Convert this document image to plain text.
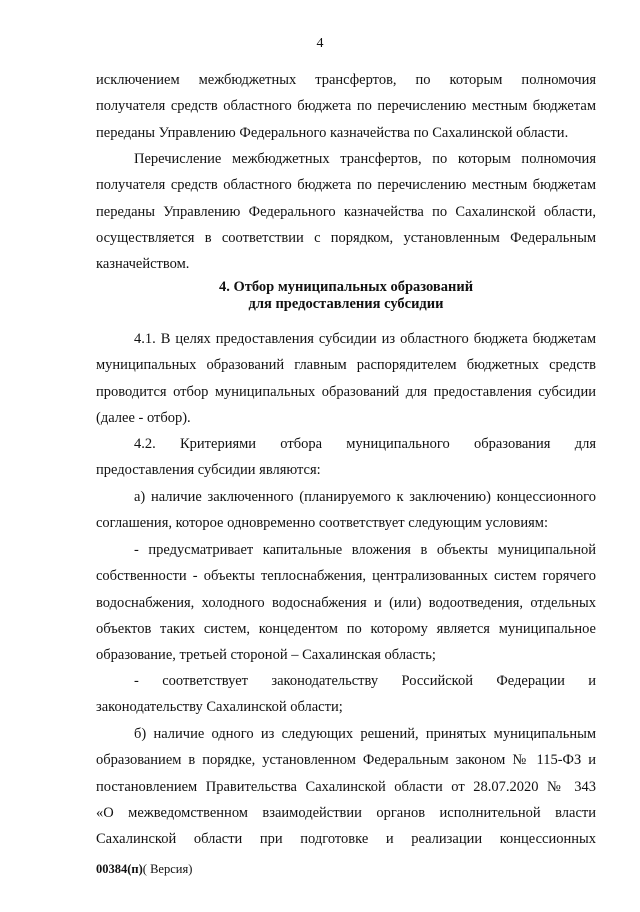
4
исключением межбюджетных трансфертов, по которым полномочия
получателя средств областного бюджета по перечислению местным бюджетам
переданы Управлению Федерального казначейства по Сахалинской области.
Перечисление межбюджетных трансфертов, по которым полномочия
получателя средств областного бюджета по перечислению местным бюджетам
переданы Управлению Федерального казначейства по Сахалинской области,
осуществляется в соответствии с порядком, установленным Федеральным
казначейством.
4. Отбор муниципальных образований
для предоставления субсидии
4.1. В целях предоставления субсидии из областного бюджета бюджетам
муниципальных образований главным распорядителем бюджетных средств
проводится отбор муниципальных образований для предоставления субсидии
(далее - отбор).
4.2. Критериями отбора муниципального образования для
предоставления субсидии являются:
а) наличие заключенного (планируемого к заключению) концессионного
соглашения, которое одновременно соответствует следующим условиям:
- предусматривает капитальные вложения в объекты муниципальной
собственности - объекты теплоснабжения, централизованных систем горячего
водоснабжения, холодного водоснабжения и (или) водоотведения, отдельных
объектов таких систем, концедентом по которому является муниципальное
образование, третьей стороной – Сахалинская область;
- соответствует законодательству Российской Федерации и
законодательству Сахалинской области;
б) наличие одного из следующих решений, принятых муниципальным
образованием в порядке, установленном Федеральным законом № 115-ФЗ и
постановлением Правительства Сахалинской области от 28.07.2020 № 343
«О межведомственном взаимодействии органов исполнительной власти
Сахалинской области при подготовке и реализации концессионных
00384(п)( Версия)
